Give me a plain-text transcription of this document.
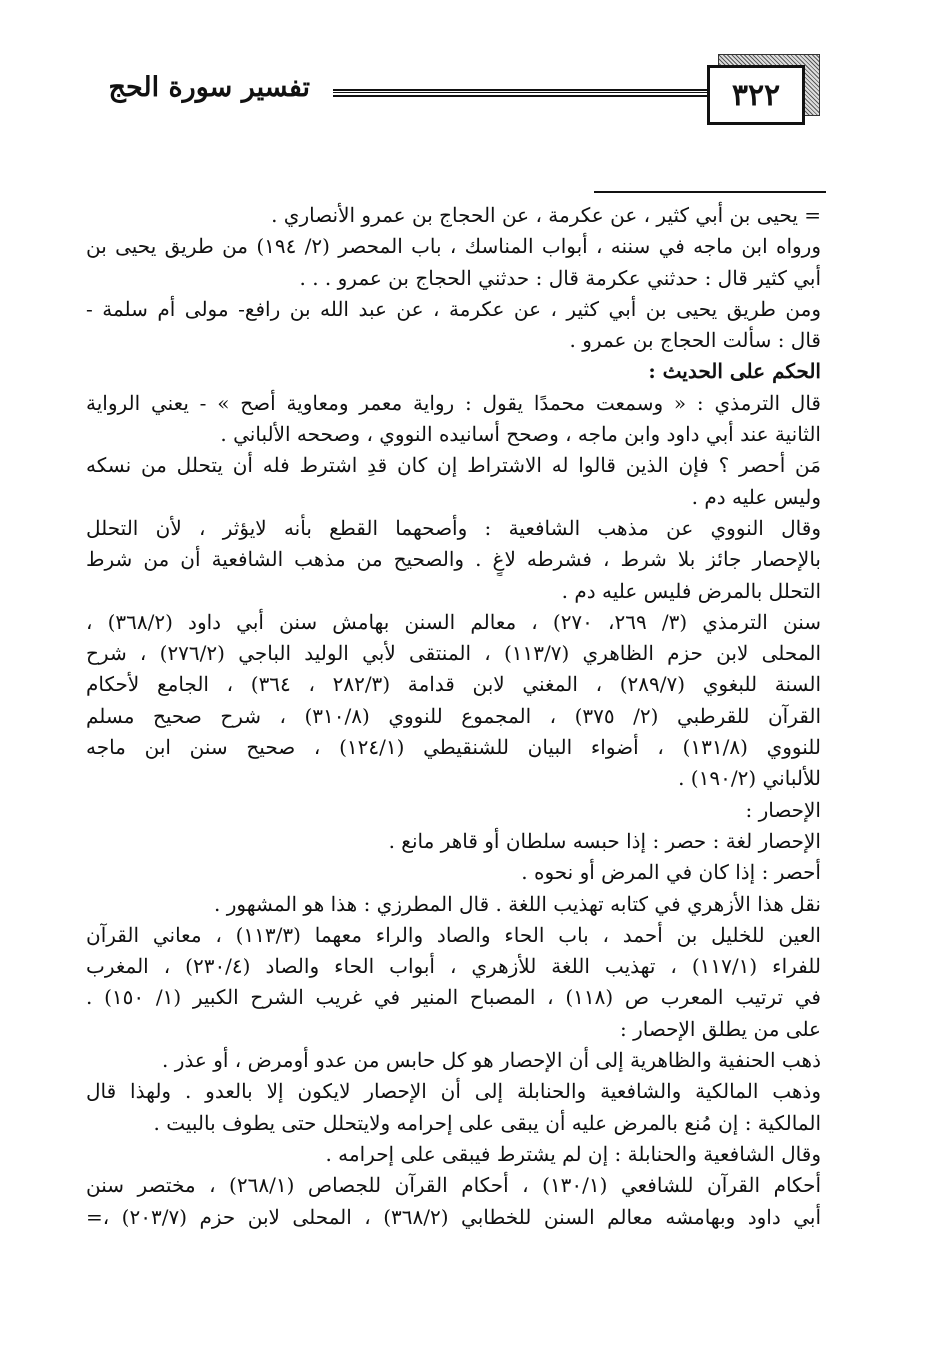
٣٢٢
تفسير سورة الحج
= يحيى بن أبي كثير ، عن عكرمة ، عن الحجاج بن عمرو الأنصاري .
ورواه ابن ماجه في سننه ، أبواب المناسك ، باب المحصر (٢/ ١٩٤) من طريق يحيى بن
أبي كثير قال : حدثني عكرمة قال : حدثني الحجاج بن عمرو . . .
ومن طريق يحيى بن أبي كثير ، عن عكرمة ، عن عبد الله بن رافع- مولى أم سلمة -
قال : سألت الحجاج بن عمرو .
الحكم على الحديث :
قال الترمذي : « وسمعت محمدًا يقول : رواية معمر ومعاوية أصح » - يعني الرواية
الثانية عند أبي داود وابن ماجه ، وصحح أسانيده النووي ، وصححه الألباني .
مَن أحصر ؟ فإن الذين قالوا له الاشتراط إن كان قدِ اشترط فله أن يتحلل من نسكه
وليس عليه دم .
وقال النووي عن مذهب الشافعية : وأصحهما القطع بأنه لايؤثر ، لأن التحلل
بالإحصار جائز بلا شرط ، فشرطه لاغٍ . والصحيح من مذهب الشافعية أن من شرط
التحلل بالمرض فليس عليه دم .
سنن الترمذي (٣/ ٢٦٩، ٢٧٠) ، معالم السنن بهامش سنن أبي داود (٣٦٨/٢) ،
المحلى لابن حزم الظاهري (١١٣/٧) ، المنتقى لأبي الوليد الباجي (٢٧٦/٢) ، شرح
السنة للبغوي (٢٨٩/٧) ، المغني لابن قدامة (٢٨٢/٣ ، ٣٦٤) ، الجامع لأحكام
القرآن للقرطبي (٢/ ٣٧٥) ، المجموع للنووي (٣١٠/٨) ، شرح صحيح مسلم
للنووي (١٣١/٨) ، أضواء البيان للشنقيطي (١٢٤/١) ، صحيح سنن ابن ماجه
للألباني (١٩٠/٢) .
الإحصار :
الإحصار لغة : حصر : إذا حبسه سلطان أو قاهر مانع .
أحصر : إذا كان في المرض أو نحوه .
نقل هذا الأزهري في كتابه تهذيب اللغة . قال المطرزي : هذا هو المشهور .
العين للخليل بن أحمد ، باب الحاء والصاد والراء معهما (١١٣/٣) ، معاني القرآن
للفراء (١١٧/١) ، تهذيب اللغة للأزهري ، أبواب الحاء والصاد (٢٣٠/٤) ، المغرب
في ترتيب المعرب ص (١١٨) ، المصباح المنير في غريب الشرح الكبير (١/ ١٥٠) .
على من يطلق الإحصار :
ذهب الحنفية والظاهرية إلى أن الإحصار هو كل حابس من عدو أومرض ، أو عذر .
وذهب المالكية والشافعية والحنابلة إلى أن الإحصار لايكون إلا بالعدو . ولهذا قال
المالكية : إن مُنع بالمرض عليه أن يبقى على إحرامه ولايتحلل حتى يطوف بالبيت .
وقال الشافعية والحنابلة : إن لم يشترط فيبقى على إحرامه .
أحكام القرآن للشافعي (١٣٠/١) ، أحكام القرآن للجصاص (٢٦٨/١) ، مختصر سنن
أبي داود وبهامشه معالم السنن للخطابي (٣٦٨/٢) ، المحلى لابن حزم (٢٠٣/٧) ،=
